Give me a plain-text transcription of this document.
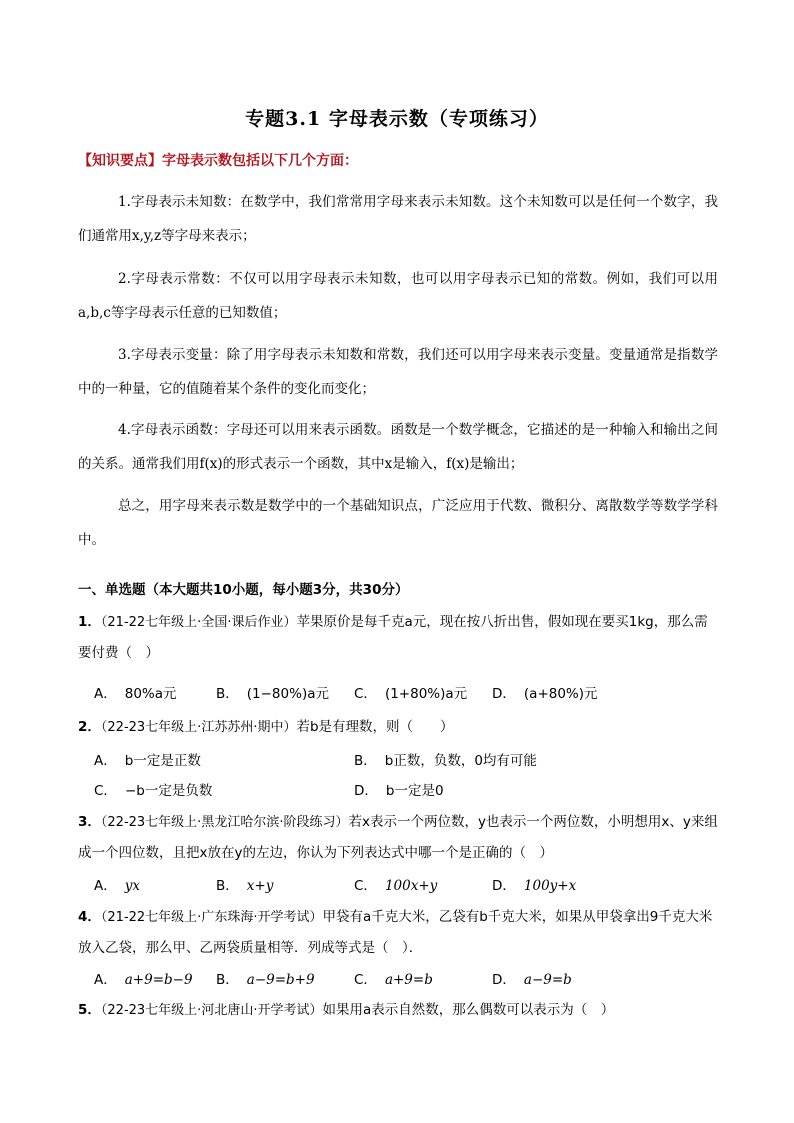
专题3.1 字母表示数（专项练习）
【知识要点】字母表示数包括以下几个方面：
1.字母表示未知数：在数学中，我们常常用字母来表示未知数。这个未知数可以是任何一个数字，我们通常用x,y,z等字母来表示；
2.字母表示常数：不仅可以用字母表示未知数，也可以用字母表示已知的常数。例如，我们可以用a,b,c等字母表示任意的已知数值；
3.字母表示变量：除了用字母表示未知数和常数，我们还可以用字母来表示变量。变量通常是指数学中的一种量，它的值随着某个条件的变化而变化；
4.字母表示函数：字母还可以用来表示函数。函数是一个数学概念，它描述的是一种输入和输出之间的关系。通常我们用f(x)的形式表示一个函数，其中x是输入，f(x)是输出；
总之，用字母来表示数是数学中的一个基础知识点，广泛应用于代数、微积分、离散数学等数学学科中。
一、单选题（本大题共10小题，每小题3分，共30分）
1．（21-22七年级上·全国·课后作业）苹果原价是每千克a元，现在按八折出售，假如现在要买1kg，那么需要付费（　）
A． 80%a元	B． (1−80%)a元 C． (1+80%)a元 D． (a+80%)元
2．（22-23七年级上·江苏苏州·期中）若b是有理数，则（　　）
A． b一定是正数	B． b正数，负数，0均有可能
C． −b一定是负数	D． b一定是0
3．（22-23七年级上·黑龙江哈尔滨·阶段练习）若x表示一个两位数，y也表示一个两位数，小明想用x、y来组成一个四位数，且把x放在y的左边，你认为下列表达式中哪一个是正确的（　）
A． yx	B． x+y	C． 100x+y	D． 100y+x
4．（21-22七年级上·广东珠海·开学考试）甲袋有a千克大米，乙袋有b千克大米，如果从甲袋拿出9千克大米放入乙袋，那么甲、乙两袋质量相等．列成等式是（　）．
A． a+9=b−9 B． a−9=b+9	C． a+9=b	D． a−9=b
5．（22-23七年级上·河北唐山·开学考试）如果用a表示自然数，那么偶数可以表示为（　）
